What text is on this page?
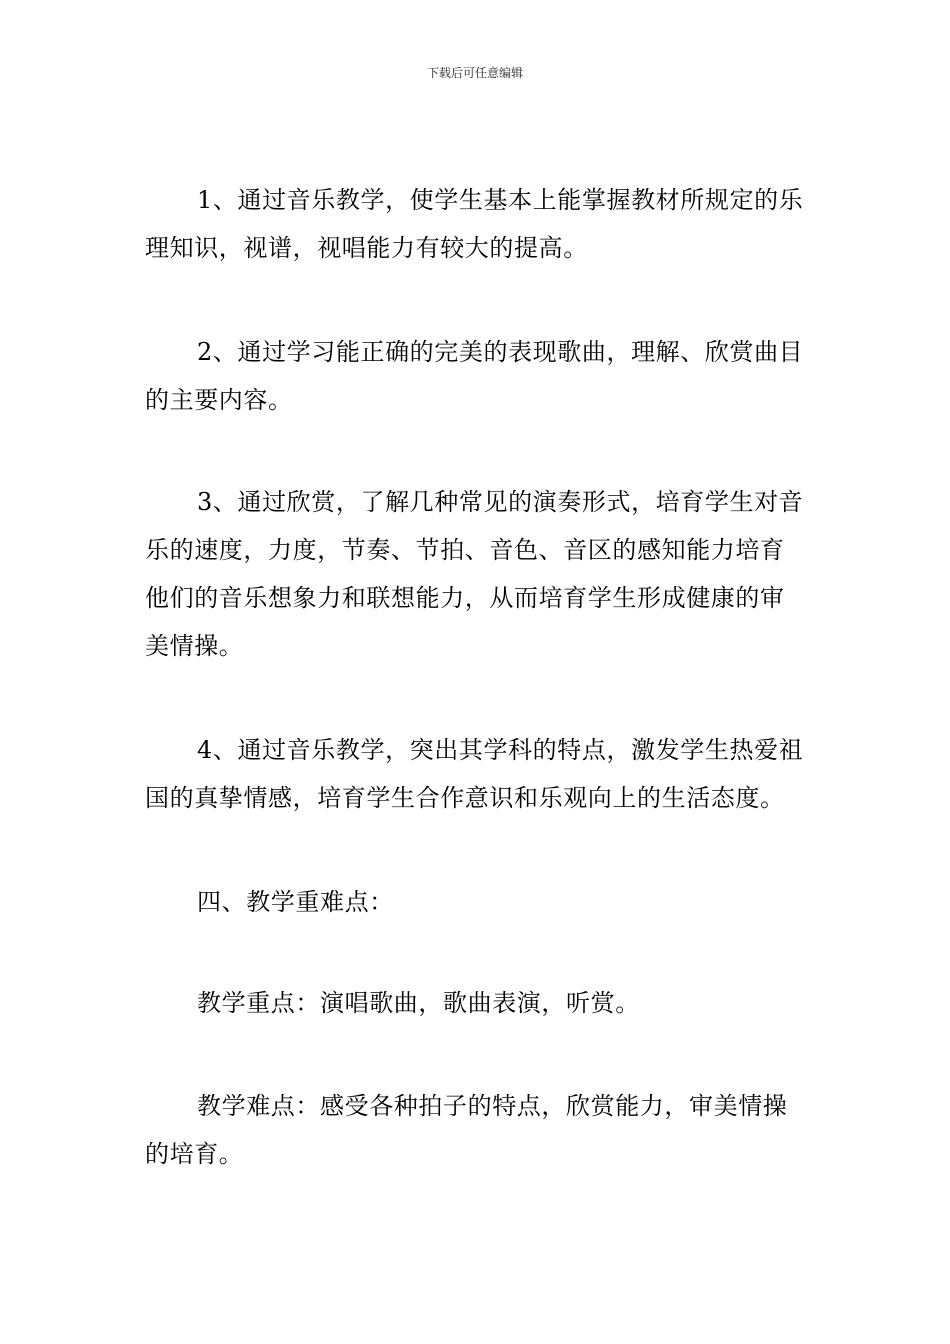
下载后可任意编辑

1、通过音乐教学，使学生基本上能掌握教材所规定的乐理知识，视谱，视唱能力有较大的提高。

2、通过学习能正确的完美的表现歌曲，理解、欣赏曲目的主要内容。

3、通过欣赏，了解几种常见的演奏形式，培育学生对音乐的速度，力度，节奏、节拍、音色、音区的感知能力培育他们的音乐想象力和联想能力，从而培育学生形成健康的审美情操。

4、通过音乐教学，突出其学科的特点，激发学生热爱祖国的真挚情感，培育学生合作意识和乐观向上的生活态度。

四、教学重难点：

教学重点：演唱歌曲，歌曲表演，听赏。

教学难点：感受各种拍子的特点，欣赏能力，审美情操的培育。
